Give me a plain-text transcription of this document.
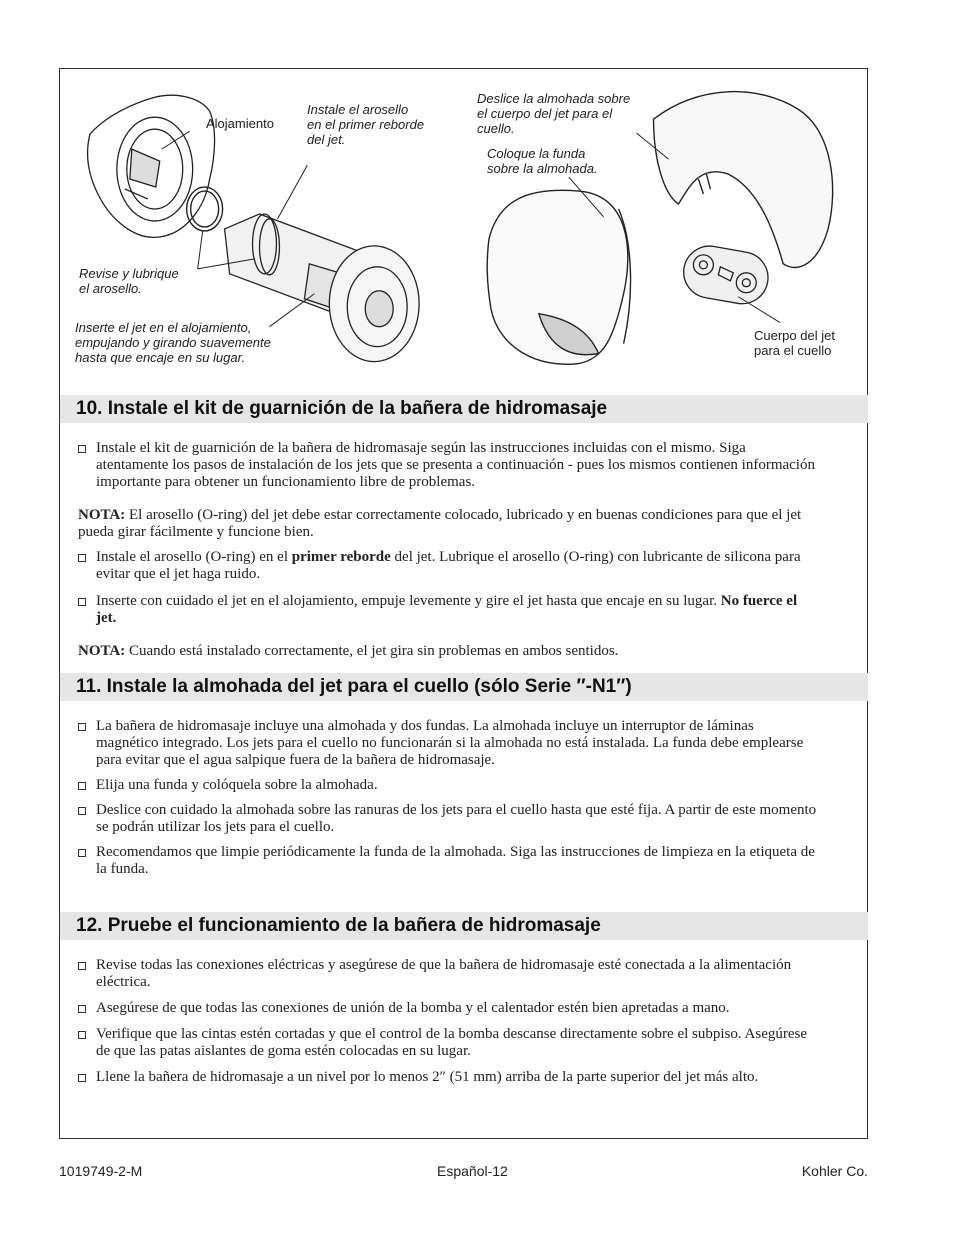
Alojamiento
Instale el arosello
en el primer reborde
del jet.
Revise y lubrique
el arosello.
Inserte el jet en el alojamiento,
empujando y girando suavemente
hasta que encaje en su lugar.
Deslice la almohada sobre
el cuerpo del jet para el
cuello.
Coloque la funda
sobre la almohada.
Cuerpo del jet
para el cuello
10. Instale el kit de guarnición de la bañera de hidromasaje

Instale el kit de guarnición de la bañera de hidromasaje según las instrucciones incluidas con el mismo. Siga atentamente los pasos de instalación de los jets que se presenta a continuación - pues los mismos contienen información importante para obtener un funcionamiento libre de problemas.

NOTA: El arosello (O-ring) del jet debe estar correctamente colocado, lubricado y en buenas condiciones para que el jet pueda girar fácilmente y funcione bien.

Instale el arosello (O-ring) en el primer reborde del jet. Lubrique el arosello (O-ring) con lubricante de silicona para evitar que el jet haga ruido.

Inserte con cuidado el jet en el alojamiento, empuje levemente y gire el jet hasta que encaje en su lugar. No fuerce el jet.

NOTA: Cuando está instalado correctamente, el jet gira sin problemas en ambos sentidos.

11. Instale la almohada del jet para el cuello (sólo Serie ″-N1″)

La bañera de hidromasaje incluye una almohada y dos fundas. La almohada incluye un interruptor de láminas magnético integrado. Los jets para el cuello no funcionarán si la almohada no está instalada. La funda debe emplearse para evitar que el agua salpique fuera de la bañera de hidromasaje.

Elija una funda y colóquela sobre la almohada.

Deslice con cuidado la almohada sobre las ranuras de los jets para el cuello hasta que esté fija. A partir de este momento se podrán utilizar los jets para el cuello.

Recomendamos que limpie periódicamente la funda de la almohada. Siga las instrucciones de limpieza en la etiqueta de la funda.

12. Pruebe el funcionamiento de la bañera de hidromasaje

Revise todas las conexiones eléctricas y asegúrese de que la bañera de hidromasaje esté conectada a la alimentación eléctrica.

Asegúrese de que todas las conexiones de unión de la bomba y el calentador estén bien apretadas a mano.

Verifique que las cintas estén cortadas y que el control de la bomba descanse directamente sobre el subpiso. Asegúrese de que las patas aislantes de goma estén colocadas en su lugar.

Llene la bañera de hidromasaje a un nivel por lo menos 2″ (51 mm) arriba de la parte superior del jet más alto.

1019749-2-M	Español-12	Kohler Co.
